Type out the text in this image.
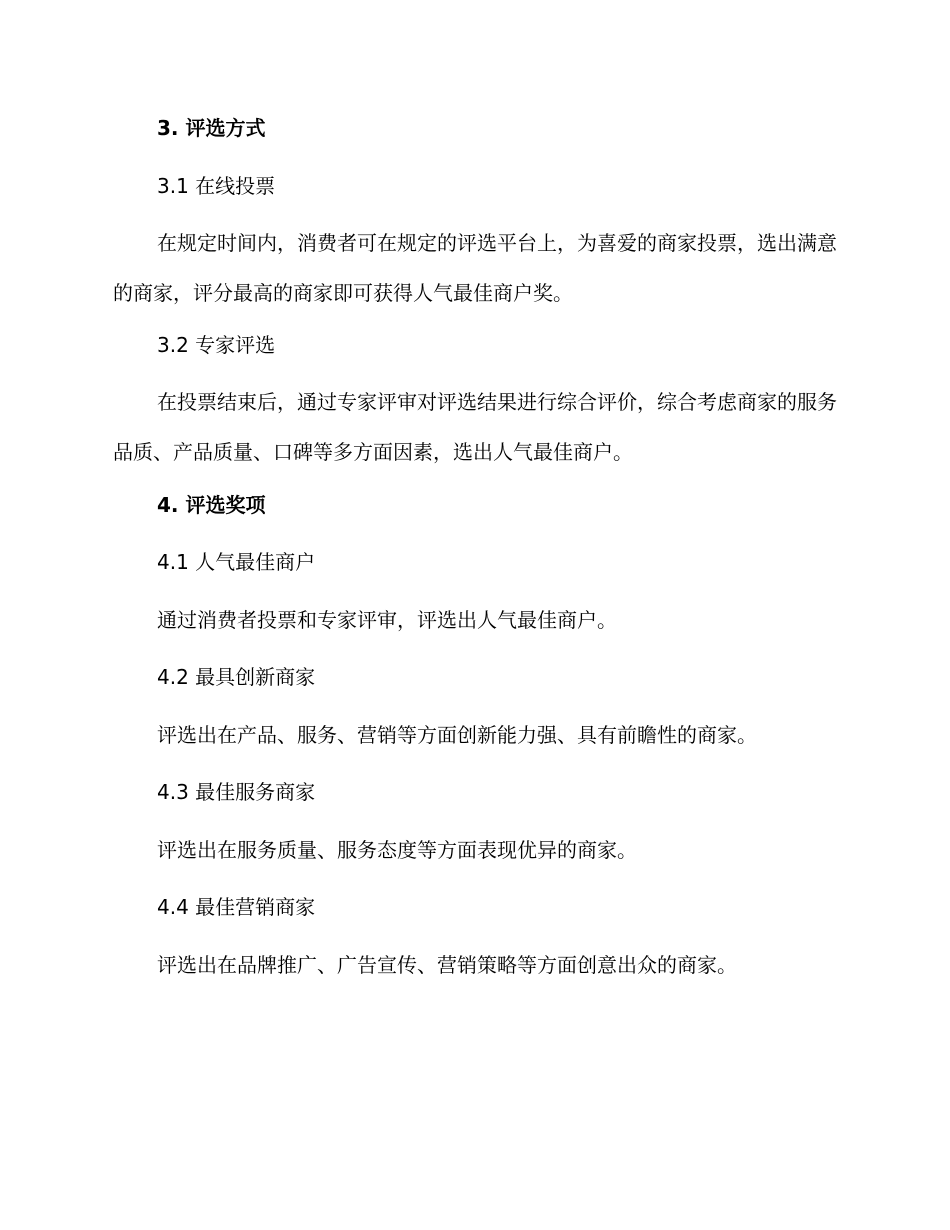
3. 评选方式
3.1 在线投票
在规定时间内，消费者可在规定的评选平台上，为喜爱的商家投票，选出满意的商家，评分最高的商家即可获得人气最佳商户奖。
3.2 专家评选
在投票结束后，通过专家评审对评选结果进行综合评价，综合考虑商家的服务品质、产品质量、口碑等多方面因素，选出人气最佳商户。
4. 评选奖项
4.1 人气最佳商户
通过消费者投票和专家评审，评选出人气最佳商户。
4.2 最具创新商家
评选出在产品、服务、营销等方面创新能力强、具有前瞻性的商家。
4.3 最佳服务商家
评选出在服务质量、服务态度等方面表现优异的商家。
4.4 最佳营销商家
评选出在品牌推广、广告宣传、营销策略等方面创意出众的商家。
